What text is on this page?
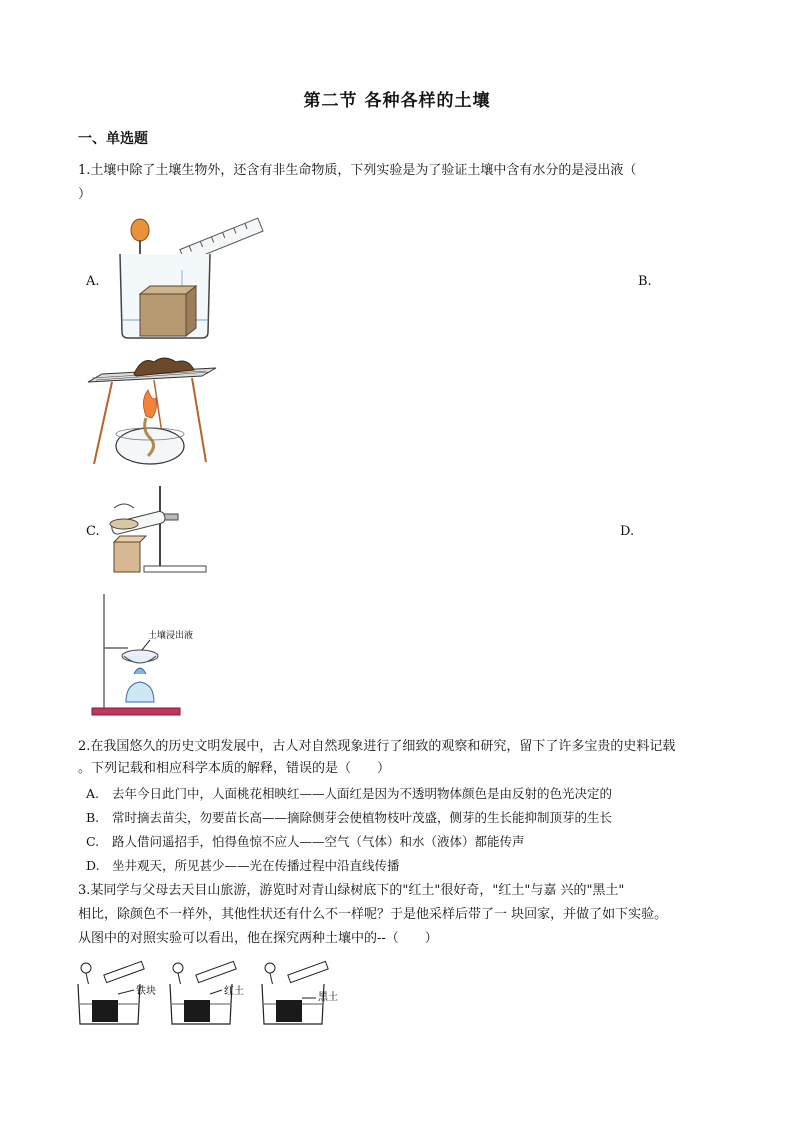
第二节 各种各样的土壤
一、单选题
1.土壤中除了土壤生物外，还含有非生命物质，下列实验是为了验证土壤中含有水分的是浸出液（
）
A.	B.
C.	D.
土壤浸出液
2.在我国悠久的历史文明发展中，古人对自然现象进行了细致的观察和研究，留下了许多宝贵的史料记载
。下列记载和相应科学本质的解释，错误的是（　　）
A. 去年今日此门中，人面桃花相映红——人面红是因为不透明物体颜色是由反射的色光决定的
B. 常时摘去苗尖，勿要苗长高——摘除侧芽会使植物枝叶茂盛，侧芽的生长能抑制顶芽的生长
C. 路人借问遥招手，怕得鱼惊不应人——空气（气体）和水（液体）都能传声
D. 坐井观天，所见甚少——光在传播过程中沿直线传播
3.某同学与父母去天目山旅游，游览时对青山绿树底下的"红土"很好奇，"红土"与嘉 兴的"黑土"
相比，除颜色不一样外，其他性状还有什么不一样呢？于是他采样后带了一 块回家，并做了如下实验。
从图中的对照实验可以看出，他在探究两种土壤中的--（　　）
铁块	红土
黑土
